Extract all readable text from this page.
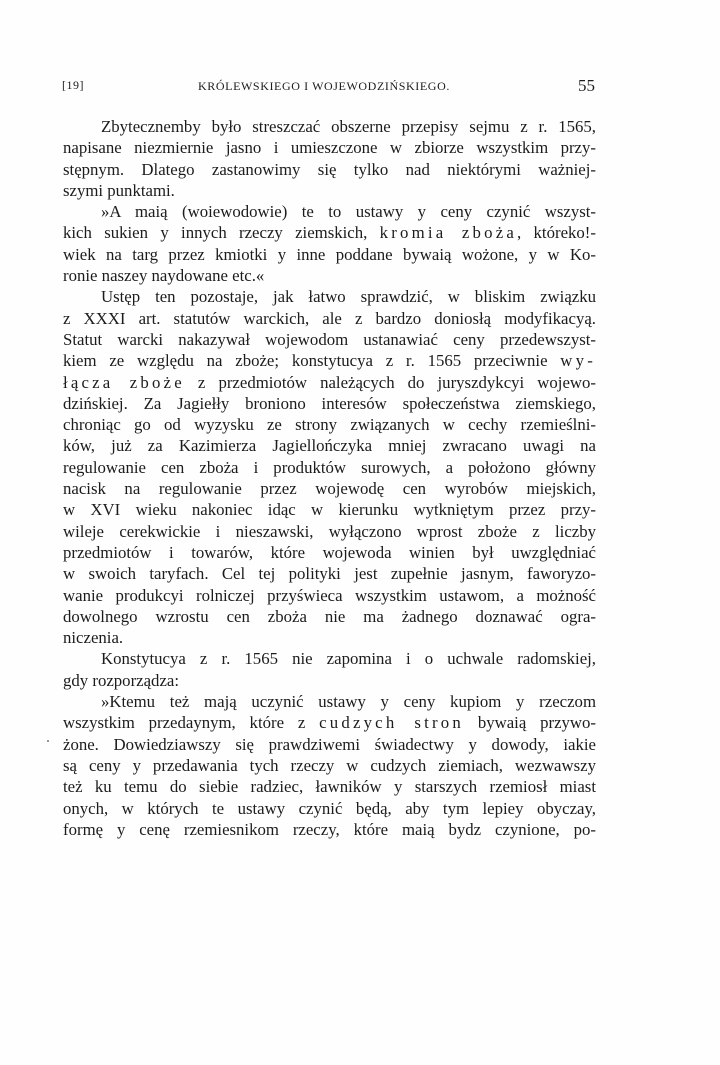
[19]	KRÓLEWSKIEGO I WOJEWODZIŃSKIEGO.	55
Zbytecznemby było streszczać obszerne przepisy sejmu z r. 1565,
napisane niezmiernie jasno i umieszczone w zbiorze wszystkim przy-
stępnym. Dlatego zastanowimy się tylko nad niektórymi ważniej-
szymi punktami.
»A maią (woiewodowie) te to ustawy y ceny czynić wszyst-
kich sukien y innych rzeczy ziemskich, kromia zboża, któreko!-
wiek na targ przez kmiotki y inne poddane bywaią wożone, y w Ko-
ronie naszey naydowane etc.«
Ustęp ten pozostaje, jak łatwo sprawdzić, w bliskim związku
z XXXI art. statutów warckich, ale z bardzo doniosłą modyfikacyą.
Statut warcki nakazywał wojewodom ustanawiać ceny przedewszyst-
kiem ze względu na zboże; konstytucya z r. 1565 przeciwnie wy-
łącza zboże z przedmiotów należących do juryszdykcyi wojewo-
dzińskiej. Za Jagiełły broniono interesów społeczeństwa ziemskiego,
chroniąc go od wyzysku ze strony związanych w cechy rzemieślni-
ków, już za Kazimierza Jagiellończyka mniej zwracano uwagi na
regulowanie cen zboża i produktów surowych, a położono główny
nacisk na regulowanie przez wojewodę cen wyrobów miejskich,
w XVI wieku nakoniec idąc w kierunku wytkniętym przez przy-
wileje cerekwickie i nieszawski, wyłączono wprost zboże z liczby
przedmiotów i towarów, które wojewoda winien był uwzględniać
w swoich taryfach. Cel tej polityki jest zupełnie jasnym, faworyzo-
wanie produkcyi rolniczej przyświeca wszystkim ustawom, a możność
dowolnego wzrostu cen zboża nie ma żadnego doznawać ogra-
niczenia.
Konstytucya z r. 1565 nie zapomina i o uchwale radomskiej,
gdy rozporządza:
»Ktemu też mają uczynić ustawy y ceny kupiom y rzeczom
wszystkim przedaynym, które z cudzych stron bywaią przywo-
żone. Dowiedziawszy się prawdziwemi świadectwy y dowody, iakie
są ceny y przedawania tych rzeczy w cudzych ziemiach, wezwawszy
też ku temu do siebie radziec, ławników y starszych rzemiosł miast
onych, w których te ustawy czynić będą, aby tym lepiey obyczay,
formę y cenę rzemiesnikom rzeczy, które maią bydz czynione, po-
